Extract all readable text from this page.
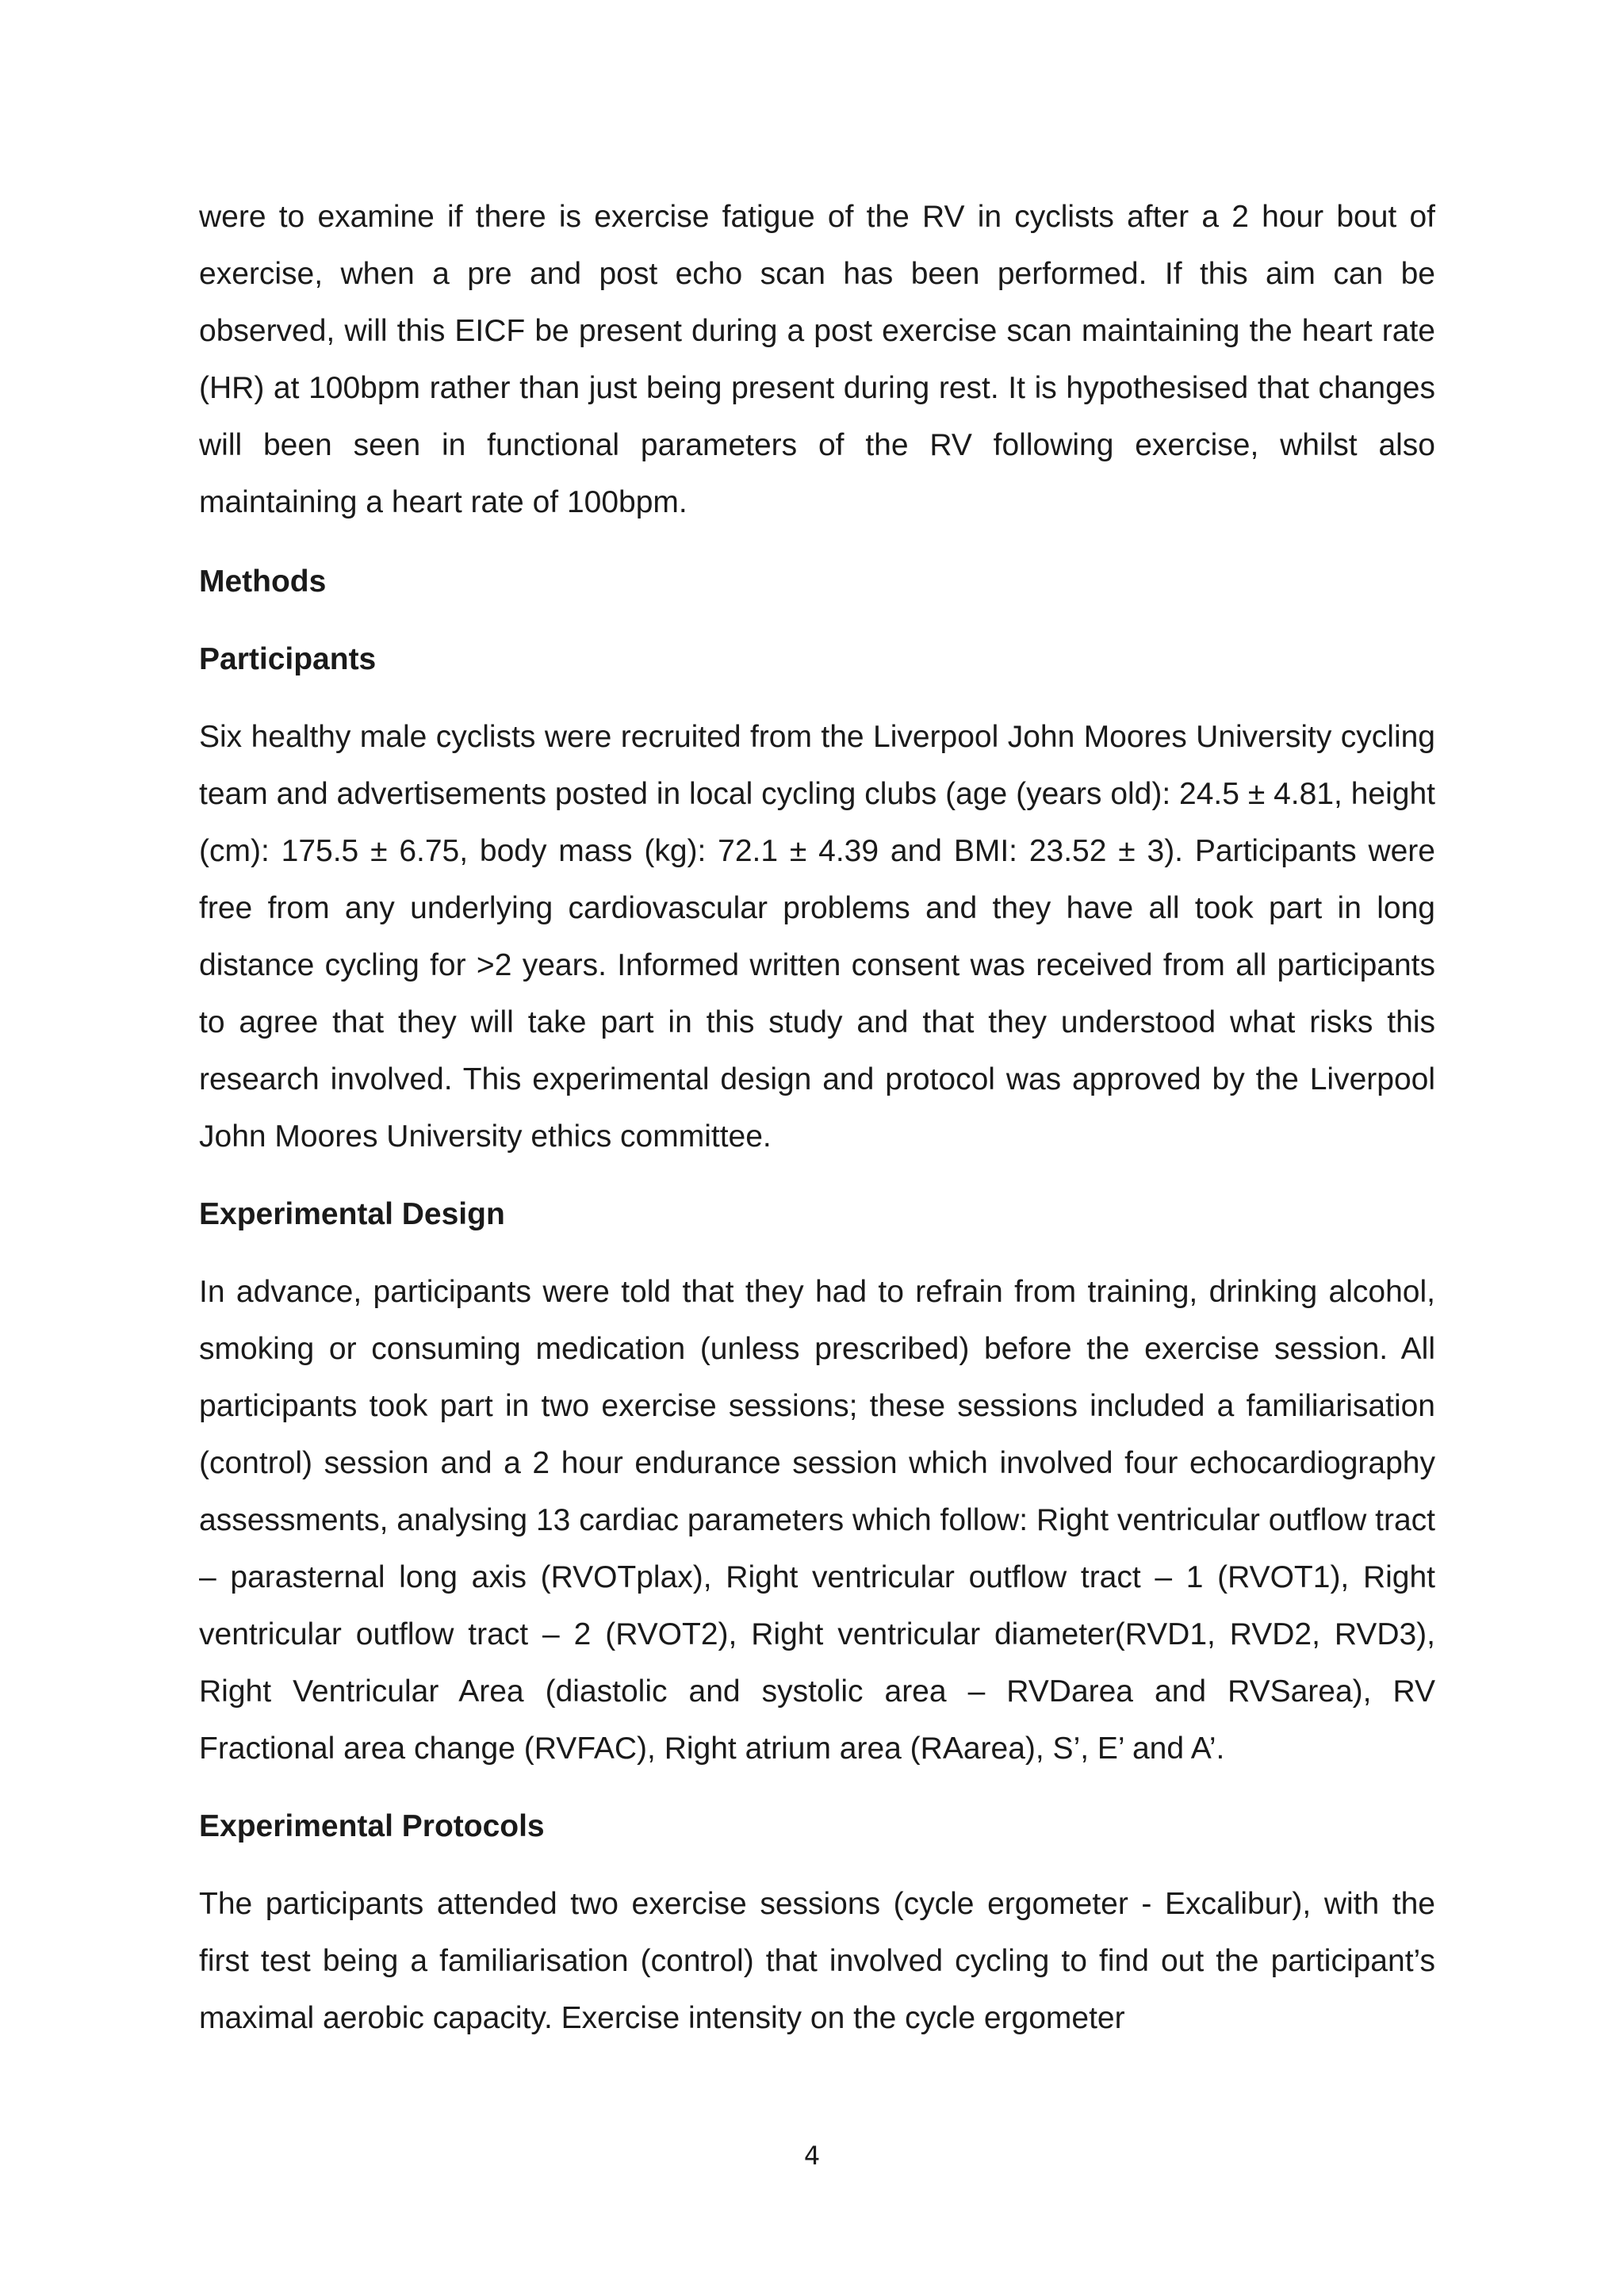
were to examine if there is exercise fatigue of the RV in cyclists after a 2 hour bout of exercise, when a pre and post echo scan has been performed. If this aim can be observed, will this EICF be present during a post exercise scan maintaining the heart rate (HR) at 100bpm rather than just being present during rest. It is hypothesised that changes will been seen in functional parameters of the RV following exercise, whilst also maintaining a heart rate of 100bpm.

Methods
Participants

Six healthy male cyclists were recruited from the Liverpool John Moores University cycling team and advertisements posted in local cycling clubs (age (years old): 24.5 ± 4.81, height (cm): 175.5 ± 6.75, body mass (kg): 72.1 ± 4.39 and BMI: 23.52 ± 3). Participants were free from any underlying cardiovascular problems and they have all took part in long distance cycling for >2 years. Informed written consent was received from all participants to agree that they will take part in this study and that they understood what risks this research involved. This experimental design and protocol was approved by the Liverpool John Moores University ethics committee.

Experimental Design

In advance, participants were told that they had to refrain from training, drinking alcohol, smoking or consuming medication (unless prescribed) before the exercise session. All participants took part in two exercise sessions; these sessions included a familiarisation (control) session and a 2 hour endurance session which involved four echocardiography assessments, analysing 13 cardiac parameters which follow: Right ventricular outflow tract – parasternal long axis (RVOTplax), Right ventricular outflow tract – 1 (RVOT1), Right ventricular outflow tract – 2 (RVOT2), Right ventricular diameter(RVD1, RVD2, RVD3), Right Ventricular Area (diastolic and systolic area – RVDarea and RVSarea), RV Fractional area change (RVFAC), Right atrium area (RAarea), S’, E’ and A’.

Experimental Protocols

The participants attended two exercise sessions (cycle ergometer - Excalibur), with the first test being a familiarisation (control) that involved cycling to find out the participant’s maximal aerobic capacity. Exercise intensity on the cycle ergometer

4
